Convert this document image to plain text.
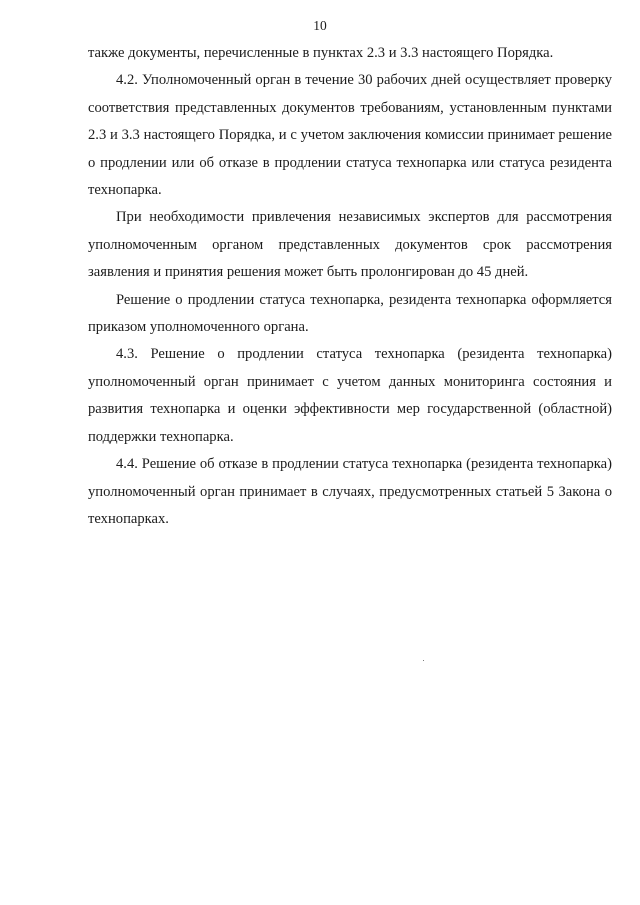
10

также документы, перечисленные в пунктах 2.3 и 3.3 настоящего Порядка.

4.2. Уполномоченный орган в течение 30 рабочих дней осуществляет проверку соответствия представленных документов требованиям, установленным пунктами 2.3 и 3.3 настоящего Порядка, и с учетом заключения комиссии принимает решение о продлении или об отказе в продлении статуса технопарка или статуса резидента технопарка.

При необходимости привлечения независимых экспертов для рассмотрения уполномоченным органом представленных документов срок рассмотрения заявления и принятия решения может быть пролонгирован до 45 дней.

Решение о продлении статуса технопарка, резидента технопарка оформляется приказом уполномоченного органа.

4.3. Решение о продлении статуса технопарка (резидента технопарка) уполномоченный орган принимает с учетом данных мониторинга состояния и развития технопарка и оценки эффективности мер государственной (областной) поддержки технопарка.

4.4. Решение об отказе в продлении статуса технопарка (резидента технопарка) уполномоченный орган принимает в случаях, предусмотренных статьей 5 Закона о технопарках.
